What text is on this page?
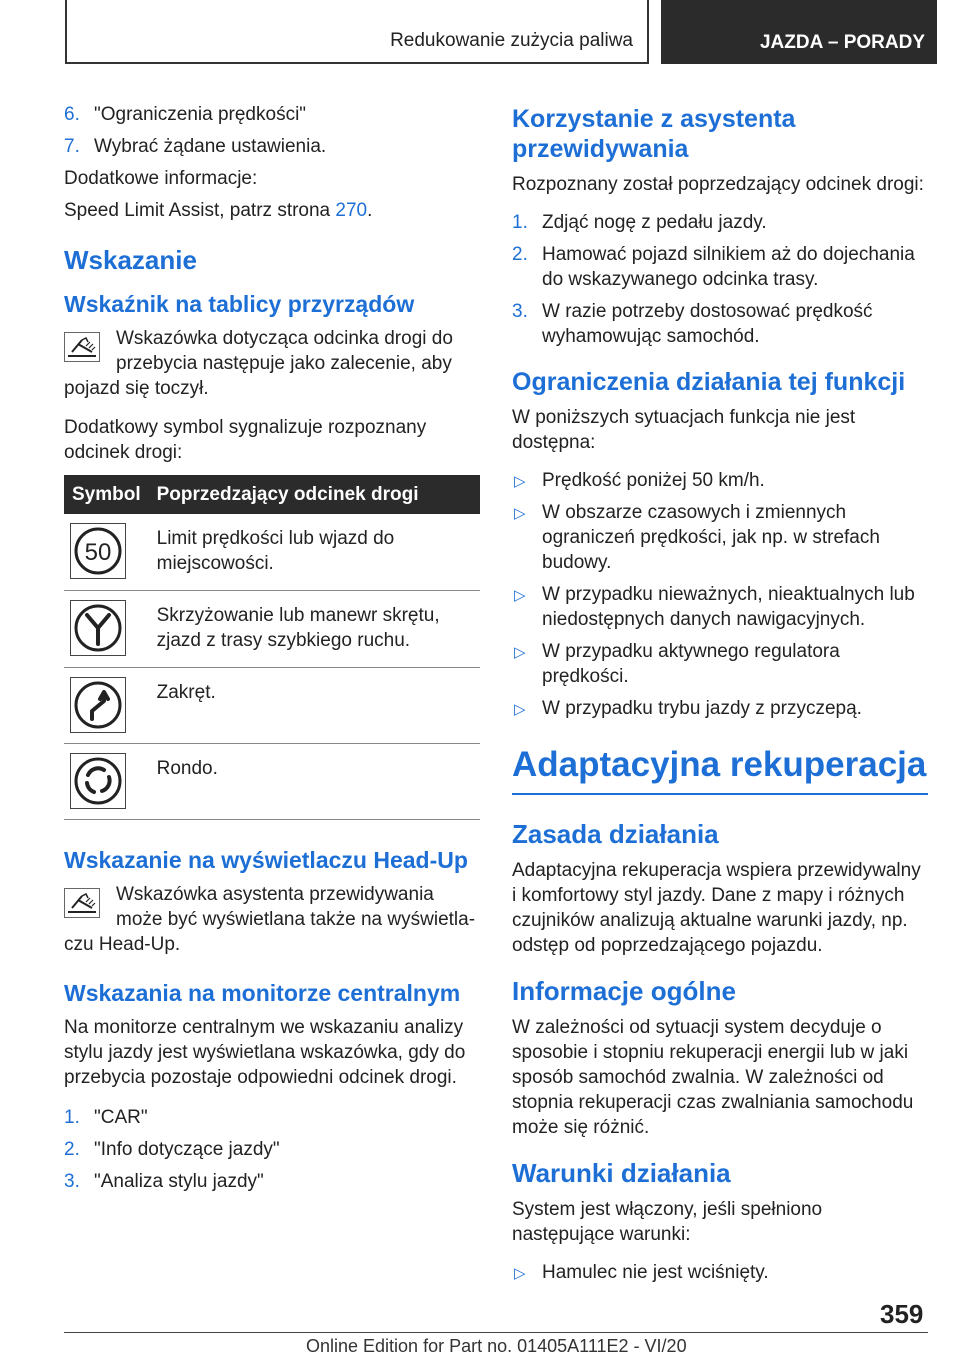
Redukowanie zużycia paliwa	JAZDA – PORADY
6. "Ograniczenia prędkości"
7. Wybrać żądane ustawienia.

Dodatkowe informacje:

Speed Limit Assist, patrz strona 270.

Wskazanie
Wskaźnik na tablicy przyrządów
Wskazówka dotycząca odcinka drogi do przebycia następuje jako zalecenie, aby
pojazd się toczył.

Dodatkowy symbol sygnalizuje rozpoznany odcinek drogi:

Symbol	Poprzedzający odcinek drogi

50	Limit prędkości lub wjazd do miejscowości.

	Skrzyżowanie lub manewr skrętu, zjazd z trasy szybkiego ruchu.

	Zakręt.

	Rondo.
Wskazanie na wyświetlaczu Head-Up
Wskazówka asystenta przewidywania może być wyświetlana także na wyświetla-
czu Head-Up.
Wskazania na monitorze centralnym

Na monitorze centralnym we wskazaniu analizy stylu jazdy jest wyświetlana wskazówka, gdy do przebycia pozostaje odpowiedni odcinek drogi.

1. "CAR"
2. "Info dotyczące jazdy"
3. "Analiza stylu jazdy"
Korzystanie z asystenta przewidywania

Rozpoznany został poprzedzający odcinek drogi:

1. Zdjąć nogę z pedału jazdy.
2. Hamować pojazd silnikiem aż do dojechania do wskazywanego odcinka trasy.
3. W razie potrzeby dostosować prędkość wyhamowując samochód.
Ograniczenia działania tej funkcji

W poniższych sytuacjach funkcja nie jest dostępna:

▷ Prędkość poniżej 50 km/h.
▷ W obszarze czasowych i zmiennych ograniczeń prędkości, jak np. w strefach budowy.
▷ W przypadku nieważnych, nieaktualnych lub niedostępnych danych nawigacyjnych.
▷ W przypadku aktywnego regulatora prędkości.
▷ W przypadku trybu jazdy z przyczepą.
Adaptacyjna rekuperacja
Zasada działania

Adaptacyjna rekuperacja wspiera przewidywalny i komfortowy styl jazdy. Dane z mapy i różnych czujników analizują aktualne warunki jazdy, np. odstęp od poprzedzającego pojazdu.

Informacje ogólne

W zależności od sytuacji system decyduje o sposobie i stopniu rekuperacji energii lub w jaki sposób samochód zwalnia. W zależności od stopnia rekuperacji czas zwalniania samochodu może się różnić.

Warunki działania

System jest włączony, jeśli spełniono następujące warunki:

▷ Hamulec nie jest wciśnięty.
359
Online Edition for Part no. 01405A111E2 - VI/20
